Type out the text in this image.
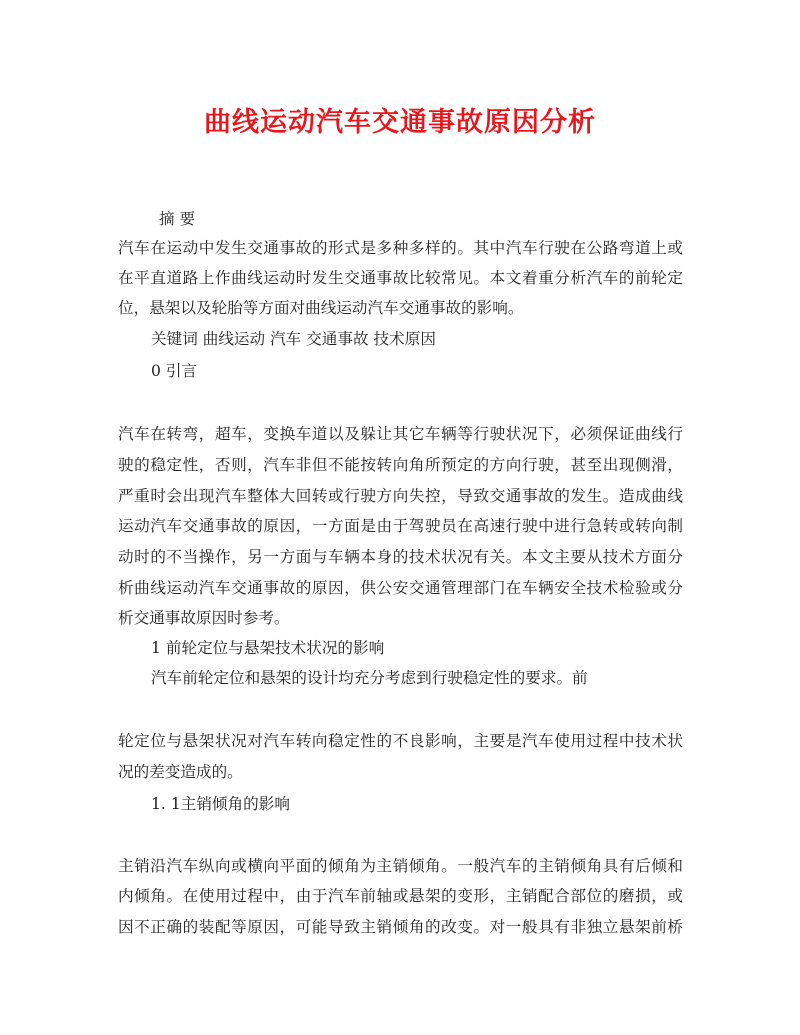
曲线运动汽车交通事故原因分析

摘 要

汽车在运动中发生交通事故的形式是多种多样的。其中汽车行驶在公路弯道上或

在平直道路上作曲线运动时发生交通事故比较常见。本文着重分析汽车的前轮定

位，悬架以及轮胎等方面对曲线运动汽车交通事故的影响。

关键词 曲线运动 汽车 交通事故 技术原因

0 引言

汽车在转弯，超车，变换车道以及躲让其它车辆等行驶状况下，必须保证曲线行

驶的稳定性，否则，汽车非但不能按转向角所预定的方向行驶，甚至出现侧滑，

严重时会出现汽车整体大回转或行驶方向失控，导致交通事故的发生。造成曲线

运动汽车交通事故的原因，一方面是由于驾驶员在高速行驶中进行急转或转向制

动时的不当操作，另一方面与车辆本身的技术状况有关。本文主要从技术方面分

析曲线运动汽车交通事故的原因，供公安交通管理部门在车辆安全技术检验或分

析交通事故原因时参考。

1 前轮定位与悬架技术状况的影响

汽车前轮定位和悬架的设计均充分考虑到行驶稳定性的要求。前

轮定位与悬架状况对汽车转向稳定性的不良影响，主要是汽车使用过程中技术状

况的差变造成的。

1. 1主销倾角的影响

主销沿汽车纵向或横向平面的倾角为主销倾角。一般汽车的主销倾角具有后倾和

内倾角。在使用过程中，由于汽车前轴或悬架的变形，主销配合部位的磨损，或

因不正确的装配等原因，可能导致主销倾角的改变。对一般具有非独立悬架前桥
